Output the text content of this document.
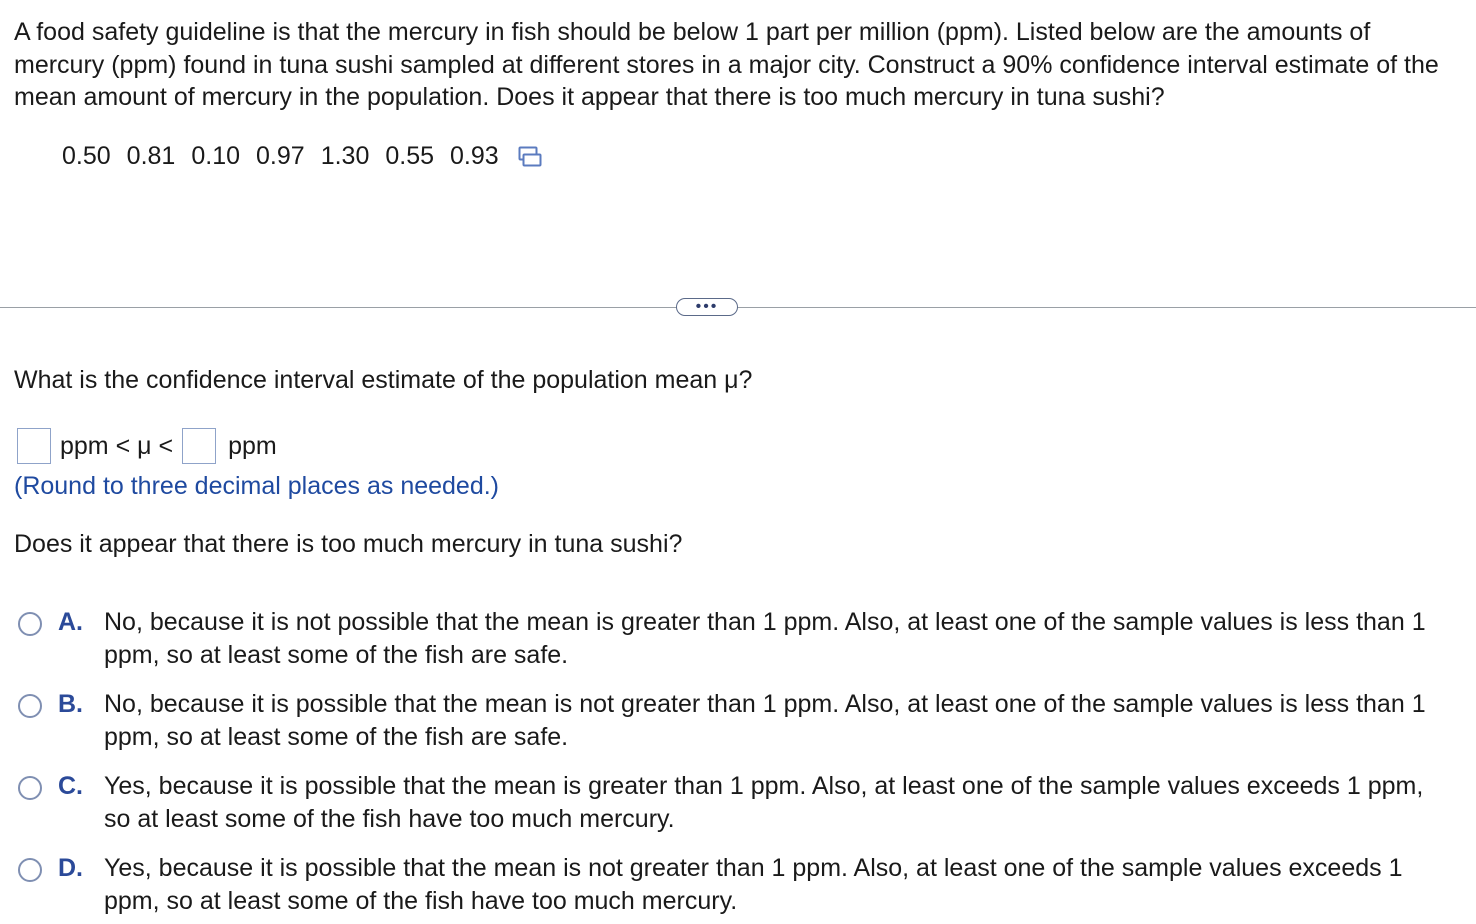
A food safety guideline is that the mercury in fish should be below 1 part per million (ppm). Listed below are the amounts of mercury (ppm) found in tuna sushi sampled at different stores in a major city. Construct a 90% confidence interval estimate of the mean amount of mercury in the population. Does it appear that there is too much mercury in tuna sushi?
0.50 0.81 0.10 0.97 1.30 0.55 0.93
•••
What is the confidence interval estimate of the population mean μ?
ppm < μ < ppm
(Round to three decimal places as needed.)
Does it appear that there is too much mercury in tuna sushi?
A. No, because it is not possible that the mean is greater than 1 ppm. Also, at least one of the sample values is less than 1 ppm, so at least some of the fish are safe.
B. No, because it is possible that the mean is not greater than 1 ppm. Also, at least one of the sample values is less than 1 ppm, so at least some of the fish are safe.
C. Yes, because it is possible that the mean is greater than 1 ppm. Also, at least one of the sample values exceeds 1 ppm, so at least some of the fish have too much mercury.
D. Yes, because it is possible that the mean is not greater than 1 ppm. Also, at least one of the sample values exceeds 1 ppm, so at least some of the fish have too much mercury.
